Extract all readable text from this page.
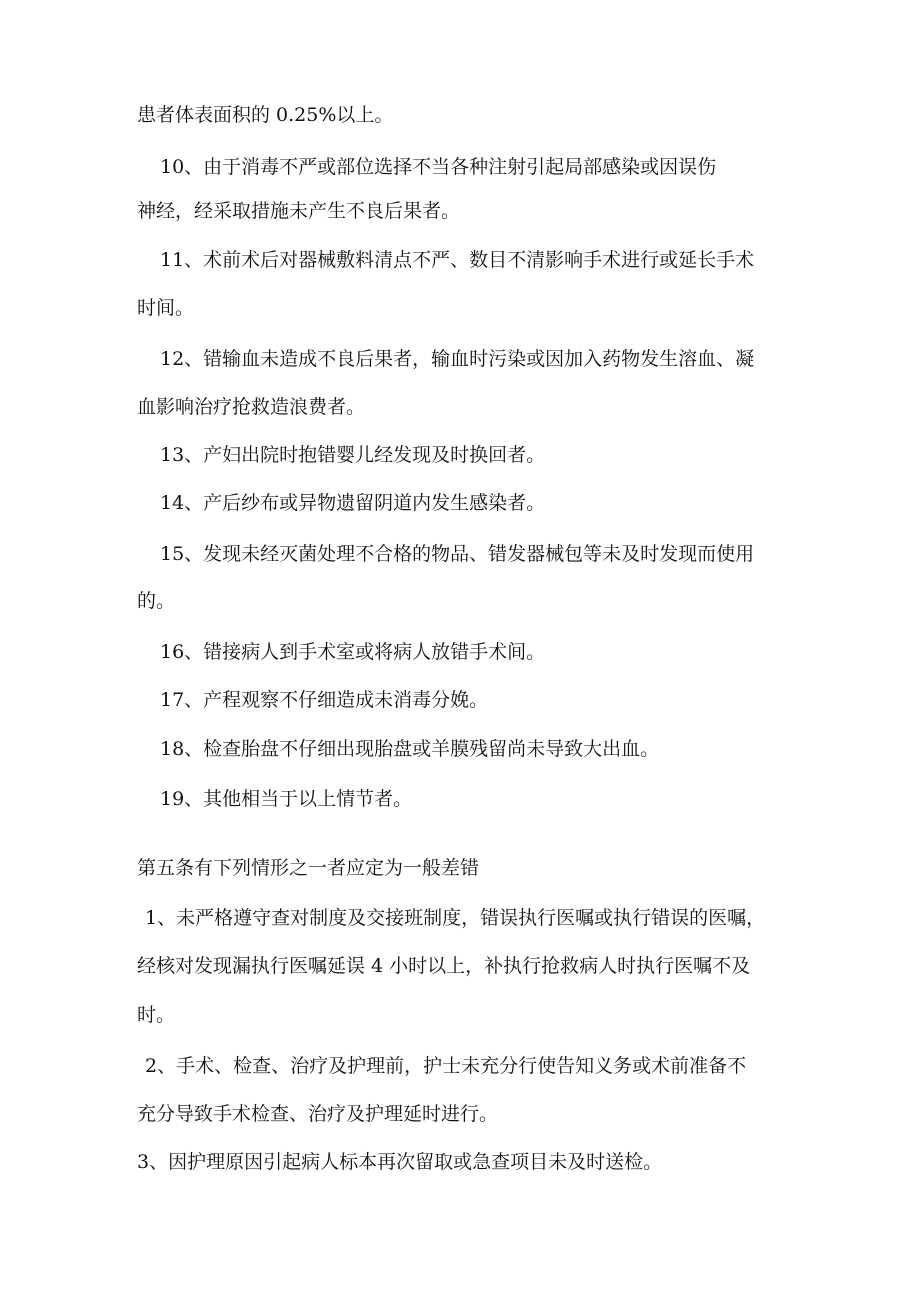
患者体表面积的 0.25%以上。
10、由于消毒不严或部位选择不当各种注射引起局部感染或因误伤
神经，经采取措施未产生不良后果者。
11、术前术后对器械敷料清点不严、数目不清影响手术进行或延长手术
时间。
12、错输血未造成不良后果者，输血时污染或因加入药物发生溶血、凝
血影响治疗抢救造浪费者。
13、产妇出院时抱错婴儿经发现及时换回者。
14、产后纱布或异物遗留阴道内发生感染者。
15、发现未经灭菌处理不合格的物品、错发器械包等未及时发现而使用
的。
16、错接病人到手术室或将病人放错手术间。
17、产程观察不仔细造成未消毒分娩。
18、检查胎盘不仔细出现胎盘或羊膜残留尚未导致大出血。
19、其他相当于以上情节者。
第五条有下列情形之一者应定为一般差错
1、未严格遵守查对制度及交接班制度，错误执行医嘱或执行错误的医嘱，
经核对发现漏执行医嘱延误 4 小时以上，补执行抢救病人时执行医嘱不及
时。
2、手术、检查、治疗及护理前，护士未充分行使告知义务或术前准备不
充分导致手术检查、治疗及护理延时进行。
3、因护理原因引起病人标本再次留取或急查项目未及时送检。
